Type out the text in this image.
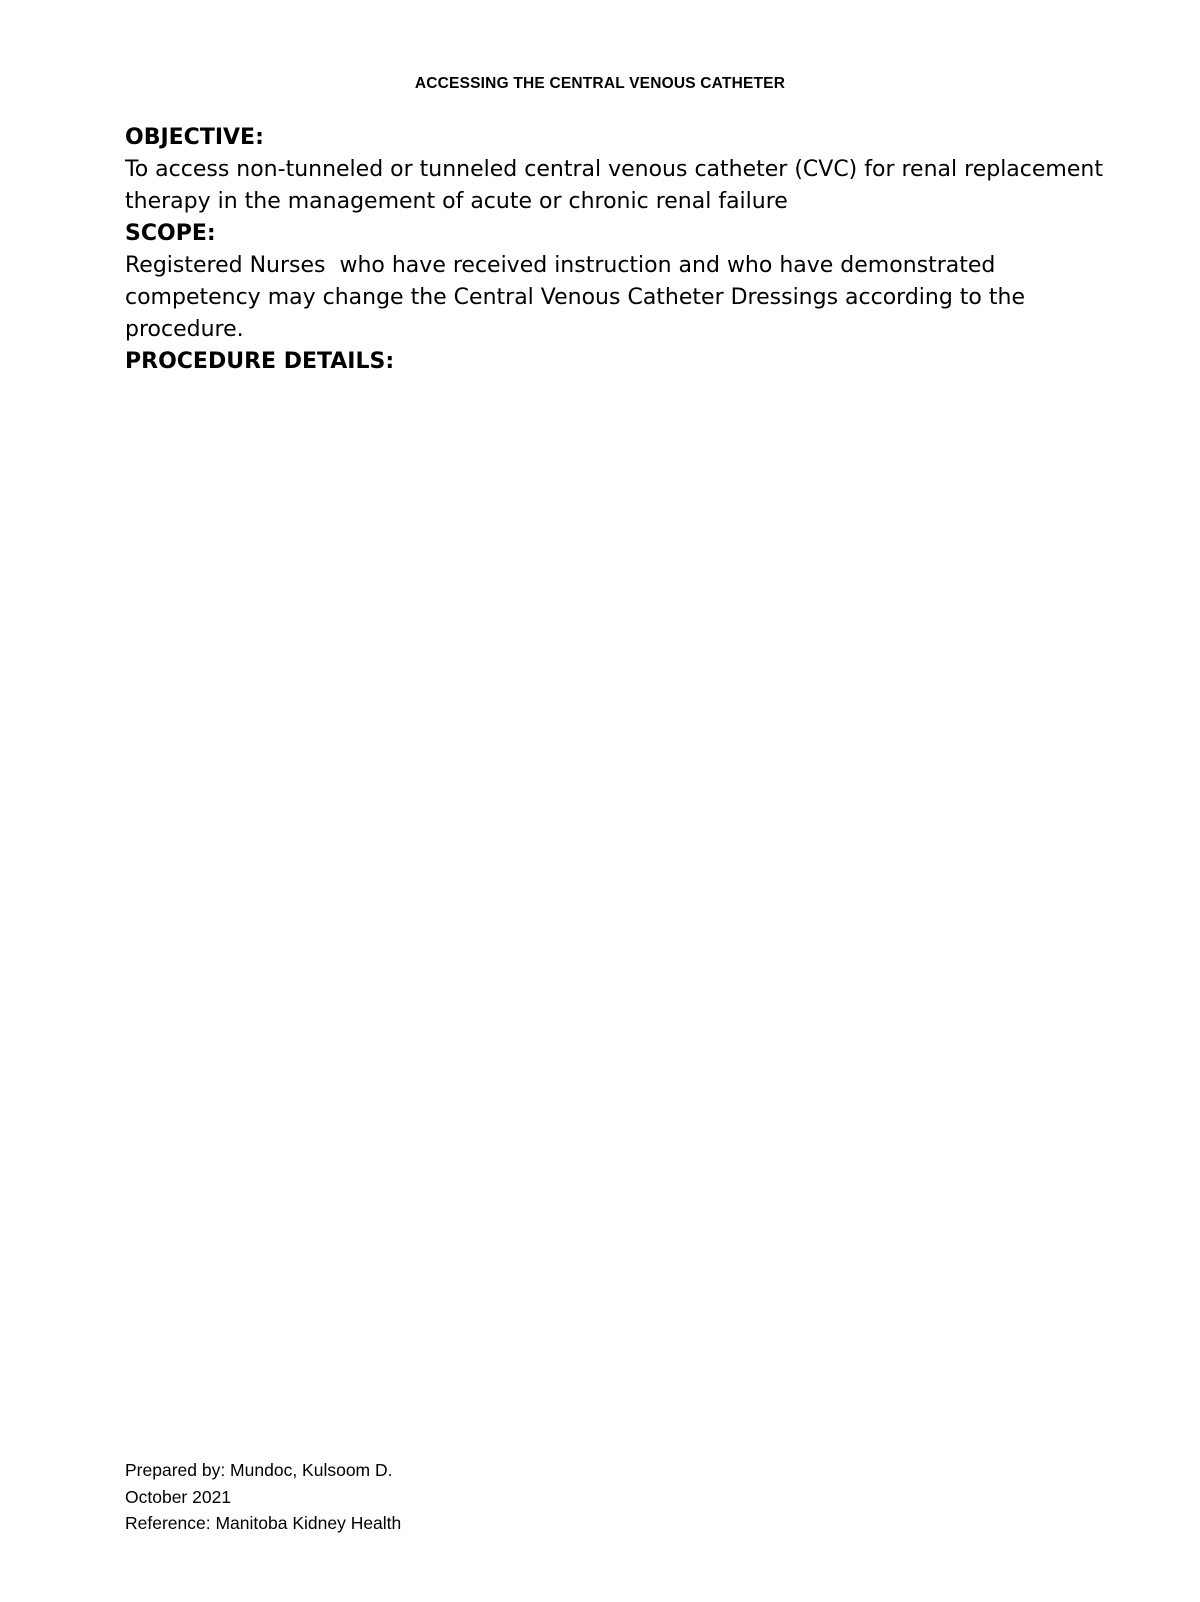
ACCESSING THE CENTRAL VENOUS CATHETER
OBJECTIVE:
To access non-tunneled or tunneled central venous catheter (CVC) for renal replacement therapy in the management of acute or chronic renal failure
SCOPE:
Registered Nurses  who have received instruction and who have demonstrated competency may change the Central Venous Catheter Dressings according to the procedure.
PROCEDURE DETAILS:
Prepared by: Mundoc, Kulsoom D.
October 2021
Reference: Manitoba Kidney Health
